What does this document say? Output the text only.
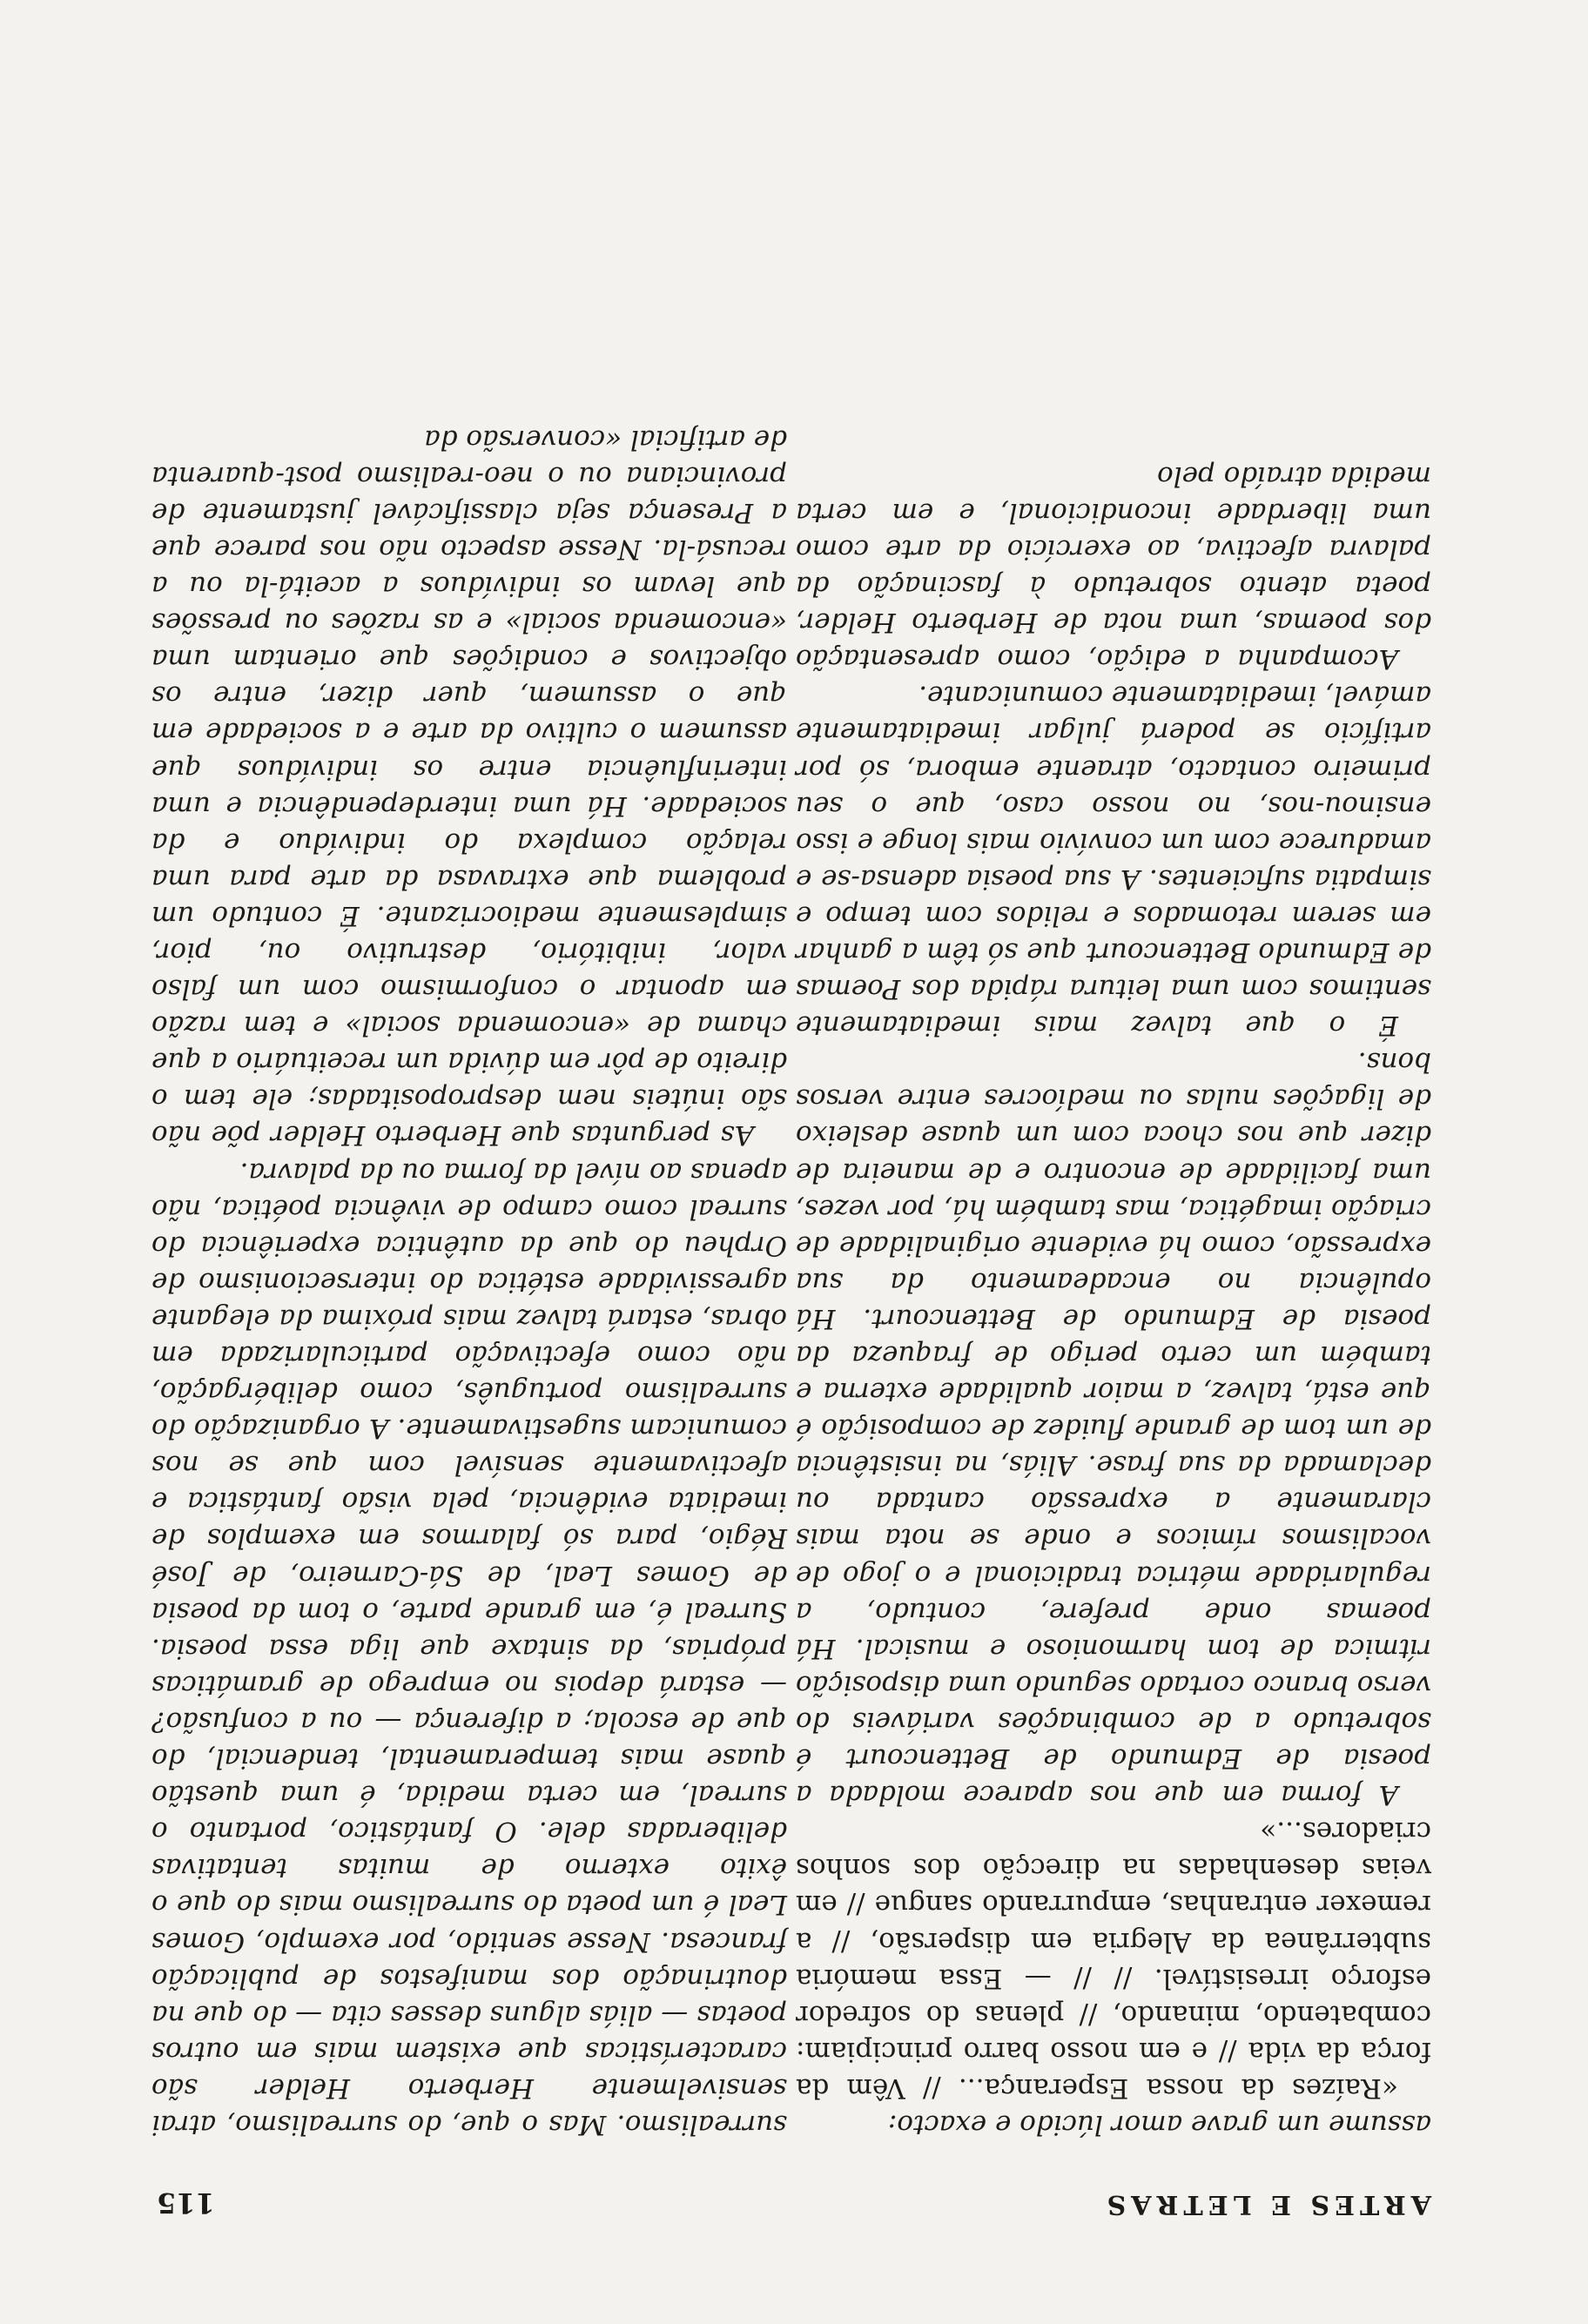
ARTES E LETRAS
115

assume um grave amor lúcido e exacto:

«Raízes da nossa Esperança... // Vêm da força da vida // e em nosso barro principiam: combatendo, minando, // plenas do sofredor esforço irresistível. // // — Essa memória subterrânea da Alegria em dispersão, // a remexer entranhas, empurrando sangue // em veias desenhadas na direcção dos sonhos criadores...»

A forma em que nos aparece moldada a poesia de Edmundo de Bettencourt é sobretudo a de combinações variáveis do verso branco cortado segundo uma disposição rítmica de tom harmonioso e musical. Há poemas onde prefere, contudo, a regularidade métrica tradicional e o jogo de vocalismos rímicos e onde se nota mais claramente a expressão cantada ou declamada da sua frase. Aliás, na insistência de um tom de grande fluidez de composição é que está, talvez, a maior qualidade externa e também um certo perigo de fraqueza da poesia de Edmundo de Bettencourt. Há opulência no encadeamento da sua expressão, como há evidente originalidade de criação imagética, mas também há, por vezes, uma facilidade de encontro e de maneira de dizer que nos choca com um quase desleixo de ligações nulas ou medíocres entre versos bons.

É o que talvez mais imediatamente sentimos com uma leitura rápida dos Poemas de Edmundo Bettencourt que só têm a ganhar em serem retomados e relidos com tempo e simpatia suficientes. A sua poesia adensa-se e amadurece com um convívio mais longe e isso ensinou-nos, no nosso caso, que o seu primeiro contacto, atraente embora, só por artifício se poderá julgar imediatamente amável, imediatamente comunicante.

Acompanha a edição, como apresentação dos poemas, uma nota de Herberto Helder, poeta atento sobretudo à fascinação da palavra afectiva, ao exercício da arte como uma liberdade incondicional, e em certa medida atraído pelo

surrealismo. Mas o que, do surrealismo, atrai sensivelmente Herberto Helder são características que existem mais em outros poetas — aliás alguns desses cita — do que na doutrinação dos manifestos de publicação francesa. Nesse sentido, por exemplo, Gomes Leal é um poeta do surrealismo mais do que o êxito externo de muitas tentativas deliberadas dele. O fantástico, portanto o surreal, em certa medida, é uma questão quase mais temperamental, tendencial, do que de escola; a diferença — ou a confusão? — estará depois no emprego de gramáticas próprias, da sintaxe que liga essa poesia. Surreal é, em grande parte, o tom da poesia de Gomes Leal, de Sá-Carneiro, de José Régio, para só falarmos em exemplos de imediata evidência, pela visão fantástica e afectivamente sensível com que se nos comunicam sugestivamente. A organização do surrealismo português, como delibérgação, não como efectivação particularizada em obras, estará talvez mais próxima da elegante agressividade estética do intersecionismo de Orpheu do que da autêntica experiência do surreal como campo de vivência poética, não apenas ao nível da forma ou da palavra.

As perguntas que Herberto Helder põe não são inúteis nem despropositadas; ele tem o direito de pôr em dúvida um receituário a que chama de «encomenda social» e tem razão em apontar o conformismo com um falso valor, inibitório, destrutivo ou, pior, simplesmente mediocrizante. É contudo um problema que extravasa da arte para uma relação complexa do indivíduo e da sociedade. Há uma interdependência e uma interinfluência entre os indivíduos que assumem o cultivo da arte e a sociedade em que o assumem, quer dizer, entre os objectivos e condições que orientam uma «encomenda social» e as razões ou pressões que levam os indivíduos a aceitá-la ou a recusá-la. Nesse aspecto não nos parece que a Presença seja classificável justamente de provinciana ou o neo-realismo post-quarenta de artificial «conversão da
